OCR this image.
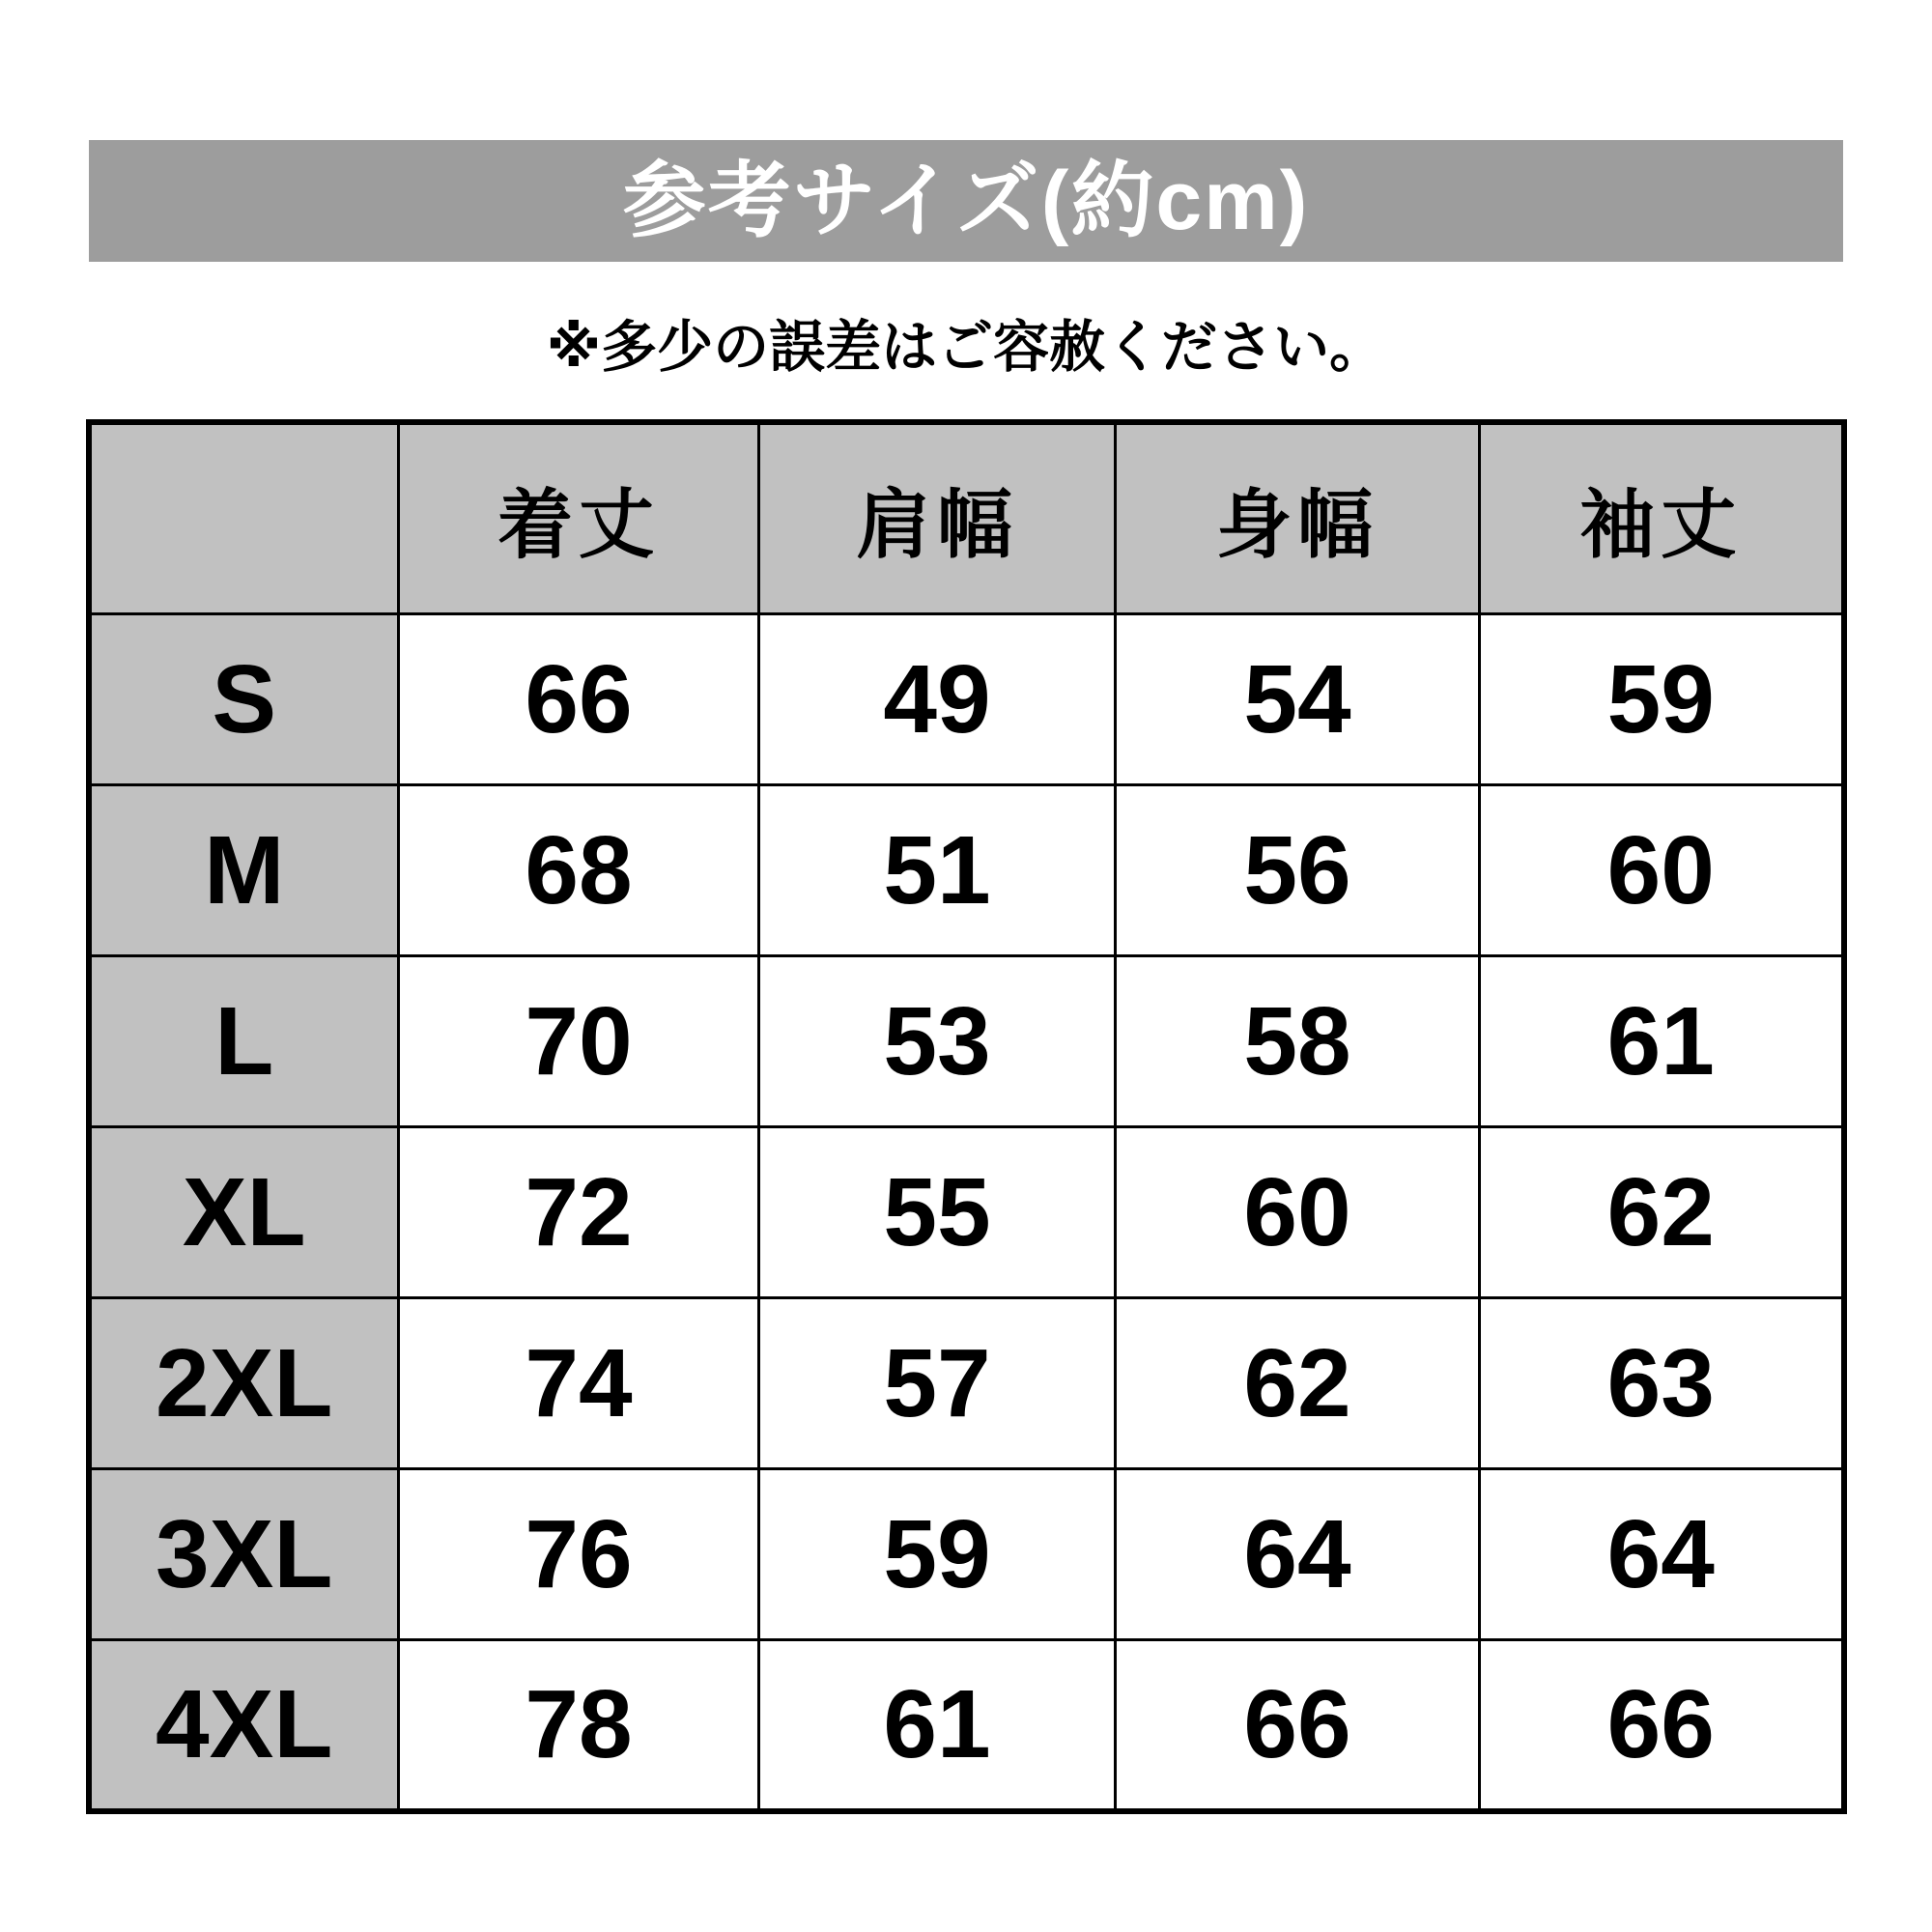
参考サイズ(約cm)
※多少の誤差はご容赦ください。
	着丈	肩幅	身幅	袖丈
S	66	49	54	59
M	68	51	56	60
L	70	53	58	61
XL	72	55	60	62
2XL	74	57	62	63
3XL	76	59	64	64
4XL	78	61	66	66
